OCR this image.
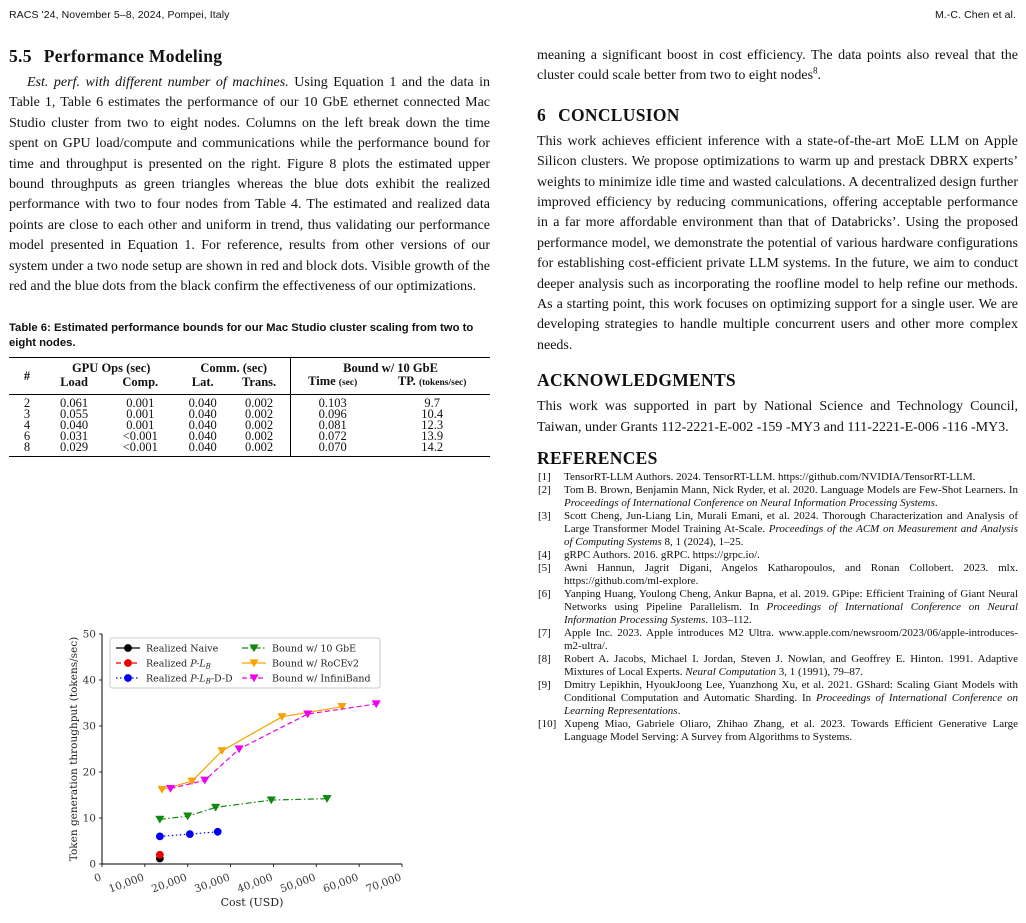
RACS '24, November 5–8, 2024, Pompei, Italy	M.-C. Chen et al.
5.5 Performance Modeling

Est. perf. with different number of machines. Using Equation 1 and the data in Table 1, Table 6 estimates the performance of our 10 GbE ethernet connected Mac Studio cluster from two to eight nodes. Columns on the left break down the time spent on GPU load/compute and communications while the performance bound for time and throughput is presented on the right. Figure 8 plots the estimated upper bound throughputs as green triangles whereas the blue dots exhibit the realized performance with two to four nodes from Table 4. The estimated and realized data points are close to each other and uniform in trend, thus validating our performance model presented in Equation 1. For reference, results from other versions of our system under a two node setup are shown in red and block dots. Visible growth of the red and the blue dots from the black confirm the effectiveness of our optimizations.

Table 6: Estimated performance bounds for our Mac Studio cluster scaling from two to eight nodes.
#	GPU Ops (sec)		Comm. (sec)		Bound w/ 10 GbE	
	Load	Comp.	Lat.	Trans.	Time (sec)	TP. (tokens/sec)
2	0.061	0.001	0.040	0.002	0.103	9.7
3	0.055	0.001	0.040	0.002	0.096	10.4
4	0.040	0.001	0.040	0.002	0.081	12.3
6	0.031	<0.001	0.040	0.002	0.072	13.9
8	0.029	<0.001	0.040	0.002	0.070	14.2
0
10
20
30
40
50
0 10,000 20,000 30,000 40,000 50,000 60,000 70,000
Cost (USD)
Token generation throughput (tokens/sec)	Realized Naive
Realized $P-L_B$
Realized $P-L_B-D-D$
Bound w/ 10 GbE
Bound w/ RoCEv2
Bound w/ InfiniBand

meaning a significant boost in cost efficiency. The data points also reveal that the cluster could scale better from two to eight nodes$^8$.

6 CONCLUSION

This work achieves efficient inference with a state-of-the-art MoE LLM on Apple Silicon clusters. We propose optimizations to warm up and prestack DBRX experts’ weights to minimize idle time and wasted calculations. A decentralized design further improved efficiency by reducing communications, offering acceptable performance in a far more affordable environment than that of Databricks’. Using the proposed performance model, we demonstrate the potential of various hardware configurations for establishing cost-efficient private LLM systems. In the future, we aim to conduct deeper analysis such as incorporating the roofline model to help refine our methods. As a starting point, this work focuses on optimizing support for a single user. We are developing strategies to handle multiple concurrent users and other more complex needs.

ACKNOWLEDGMENTS

This work was supported in part by National Science and Technology Council, Taiwan, under Grants 112-2221-E-002 -159 -MY3 and 111-2221-E-006 -116 -MY3.

REFERENCES
[1] TensorRT-LLM Authors. 2024. TensorRT-LLM. https://github.com/NVIDIA/TensorRT-LLM.
[2] Tom B. Brown, Benjamin Mann, Nick Ryder, et al. 2020. Language Models are Few-Shot Learners. In Proceedings of International Conference on Neural Information Processing Systems.
[3] Scott Cheng, Jun-Liang Lin, Murali Emani, et al. 2024. Thorough Characterization and Analysis of Large Transformer Model Training At-Scale. Proceedings of the ACM on Measurement and Analysis of Computing Systems 8, 1 (2024), 1–25.
[4] gRPC Authors. 2016. gRPC. https://grpc.io/.
[5] Awni Hannun, Jagrit Digani, Angelos Katharopoulos, and Ronan Collobert. 2023. mlx. https://github.com/ml-explore.
[6] Yanping Huang, Youlong Cheng, Ankur Bapna, et al. 2019. GPipe: Efficient Training of Giant Neural Networks using Pipeline Parallelism. In Proceedings of International Conference on Neural Information Processing Systems. 103–112.
[7] Apple Inc. 2023. Apple introduces M2 Ultra. www.apple.com/newsroom/2023/06/apple-introduces-m2-ultra/.
[8] Robert A. Jacobs, Michael I. Jordan, Steven J. Nowlan, and Geoffrey E. Hinton. 1991. Adaptive Mixtures of Local Experts. Neural Computation 3, 1 (1991), 79–87.
[9] Dmitry Lepikhin, HyoukJoong Lee, Yuanzhong Xu, et al. 2021. GShard: Scaling Giant Models with Conditional Computation and Automatic Sharding. In Proceedings of International Conference on Learning Representations.
[10] Xupeng Miao, Gabriele Oliaro, Zhihao Zhang, et al. 2023. Towards Efficient Generative Large Language Model Serving: A Survey from Algorithms to Systems.
